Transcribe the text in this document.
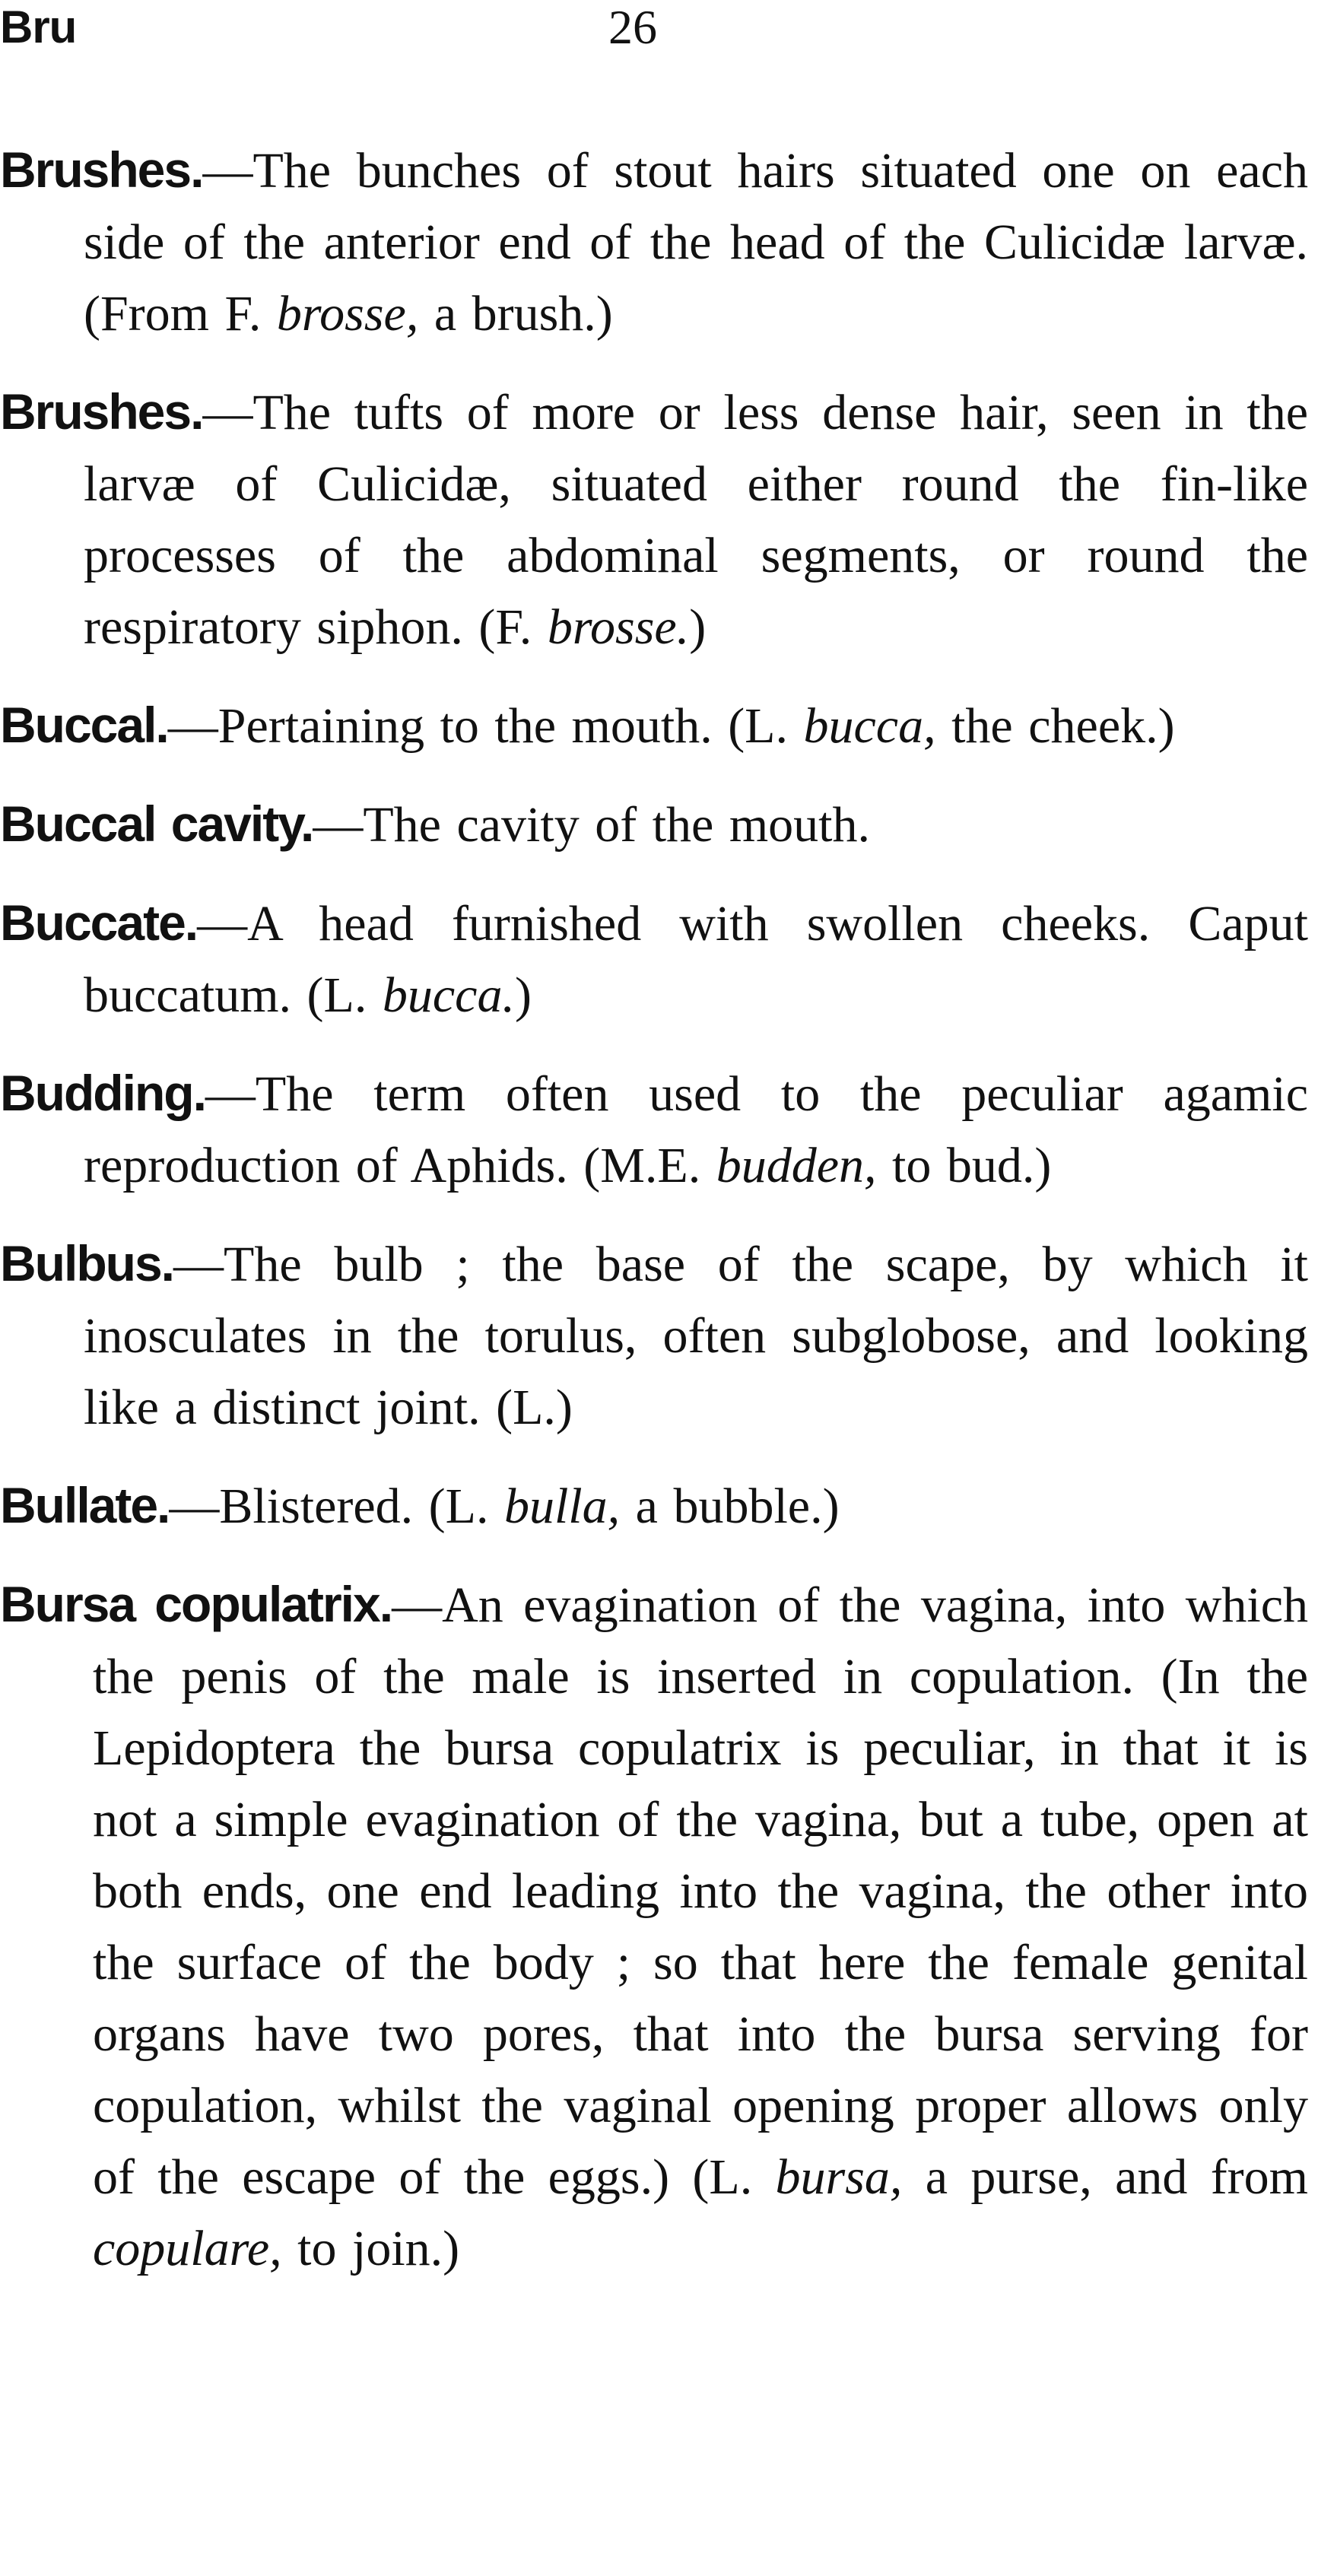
Bru	26

Brushes.—The bunches of stout hairs situated one on each side of the anterior end of the head of the Culicidæ larvæ. (From F. brosse, a brush.)

Brushes.—The tufts of more or less dense hair, seen in the larvæ of Culicidæ, situated either round the fin-like processes of the abdominal segments, or round the respiratory siphon. (F. brosse.)

Buccal.—Pertaining to the mouth. (L. bucca, the cheek.)

Buccal cavity.—The cavity of the mouth.

Buccate.—A head furnished with swollen cheeks. Caput buccatum. (L. bucca.)

Budding.—The term often used to the peculiar agamic reproduction of Aphids. (M.E. budden, to bud.)

Bulbus.—The bulb ; the base of the scape, by which it inosculates in the torulus, often subglobose, and looking like a distinct joint. (L.)

Bullate.—Blistered. (L. bulla, a bubble.)

Bursa copulatrix.—An evagination of the vagina, into which the penis of the male is inserted in copulation. (In the Lepidoptera the bursa copulatrix is peculiar, in that it is not a simple evagination of the vagina, but a tube, open at both ends, one end leading into the vagina, the other into the surface of the body ; so that here the female genital organs have two pores, that into the bursa serving for copulation, whilst the vaginal opening proper allows only of the escape of the eggs.) (L. bursa, a purse, and from copulare, to join.)
